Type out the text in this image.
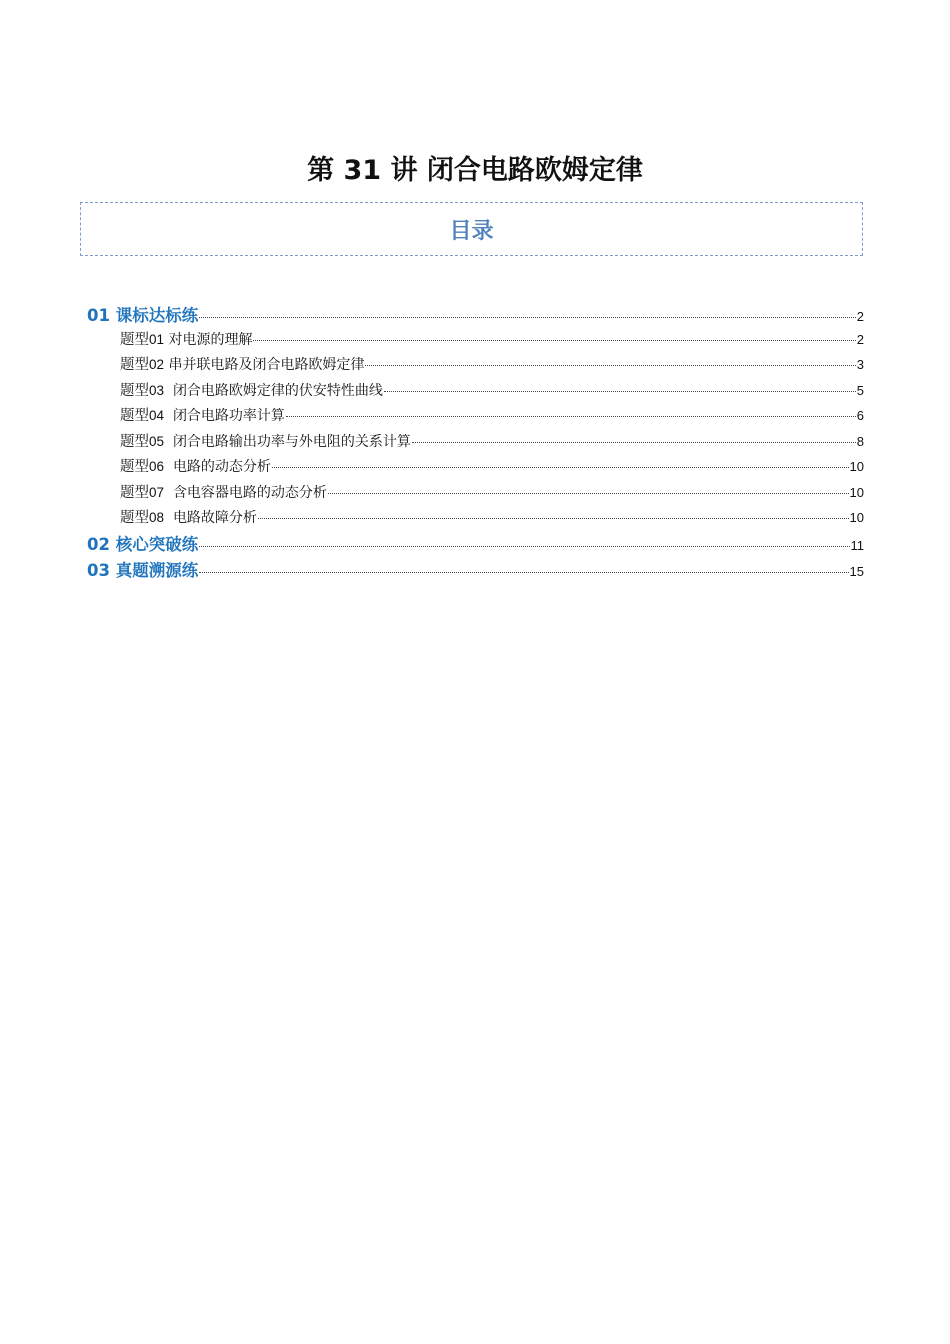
第 31 讲 闭合电路欧姆定律
目录
01 课标达标练	2
题型01 对电源的理解	2
题型02 串并联电路及闭合电路欧姆定律	3
题型03 闭合电路欧姆定律的伏安特性曲线	5
题型04 闭合电路功率计算	6
题型05 闭合电路输出功率与外电阻的关系计算	8
题型06 电路的动态分析	10
题型07 含电容器电路的动态分析	10
题型08 电路故障分析	10
02 核心突破练	11
03 真题溯源练	15
